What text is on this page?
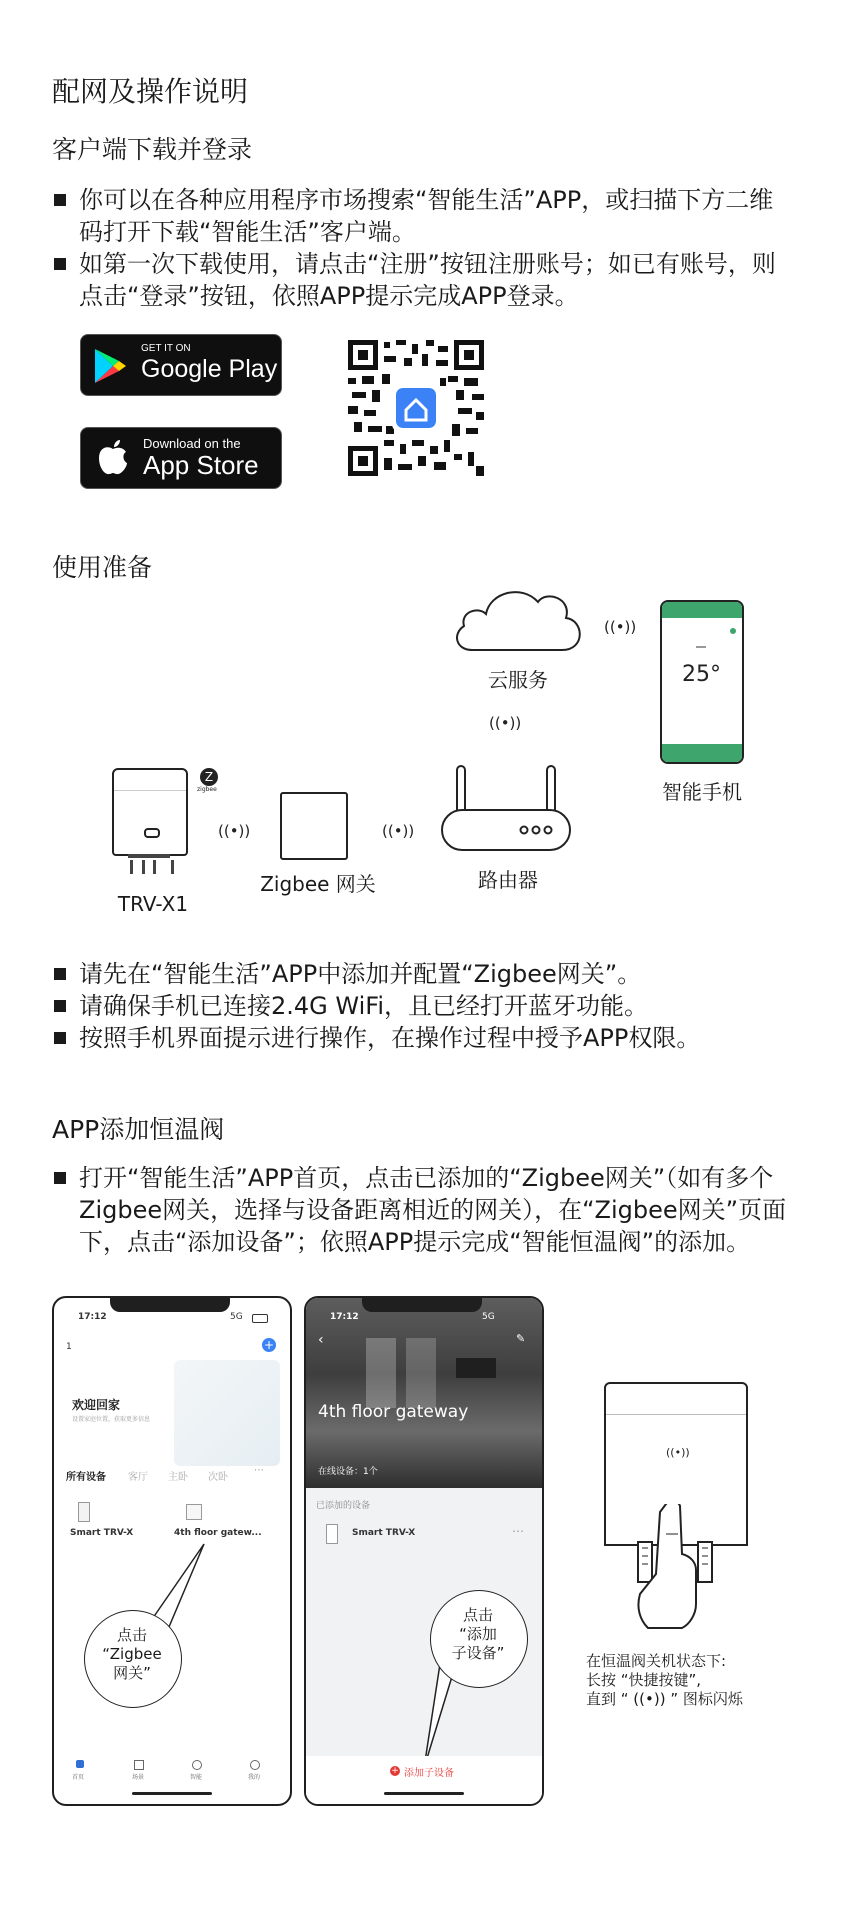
配网及操作说明
客户端下载并登录
你可以在各种应用程序市场搜索“智能生活”APP，或扫描下方二维码打开下载“智能生活”客户端。
如第一次下载使用，请点击“注册”按钮注册账号；如已有账号，则点击“登录”按钮，依照APP提示完成APP登录。
GET IT ON
Google Play
Download on the
App Store
使用准备
云服务
((•))
((•))
25°
智能手机
Z
zigbee
TRV-X1
((•))
Zigbee 网关
((•))
路由器
请先在“智能生活”APP中添加并配置“Zigbee网关”。
请确保手机已连接2.4G WiFi，且已经打开蓝牙功能。
按照手机界面提示进行操作，在操作过程中授予APP权限。
APP添加恒温阀
打开“智能生活”APP首页，点击已添加的“Zigbee网关”（如有多个Zigbee网关，选择与设备距离相近的网关），在“Zigbee网关”页面下，点击“添加设备”；依照APP提示完成“智能恒温阀”的添加。
17:12	5G
1	+
欢迎回家
设置家庭位置，获取更多信息
所有设备 客厅 主卧 次卧
⋯
Smart TRV-X	4th floor gatew...
点击
“Zigbee
网关”
首页	场景	智能	我的
17:12	5G
‹	✎
4th floor gateway
在线设备：1个
已添加的设备
Smart TRV-X	⋯
点击
“添加
子设备”
+ 添加子设备
((•))
在恒温阀关机状态下:
长按 “快捷按键”,
直到 “ ((•)) ” 图标闪烁
